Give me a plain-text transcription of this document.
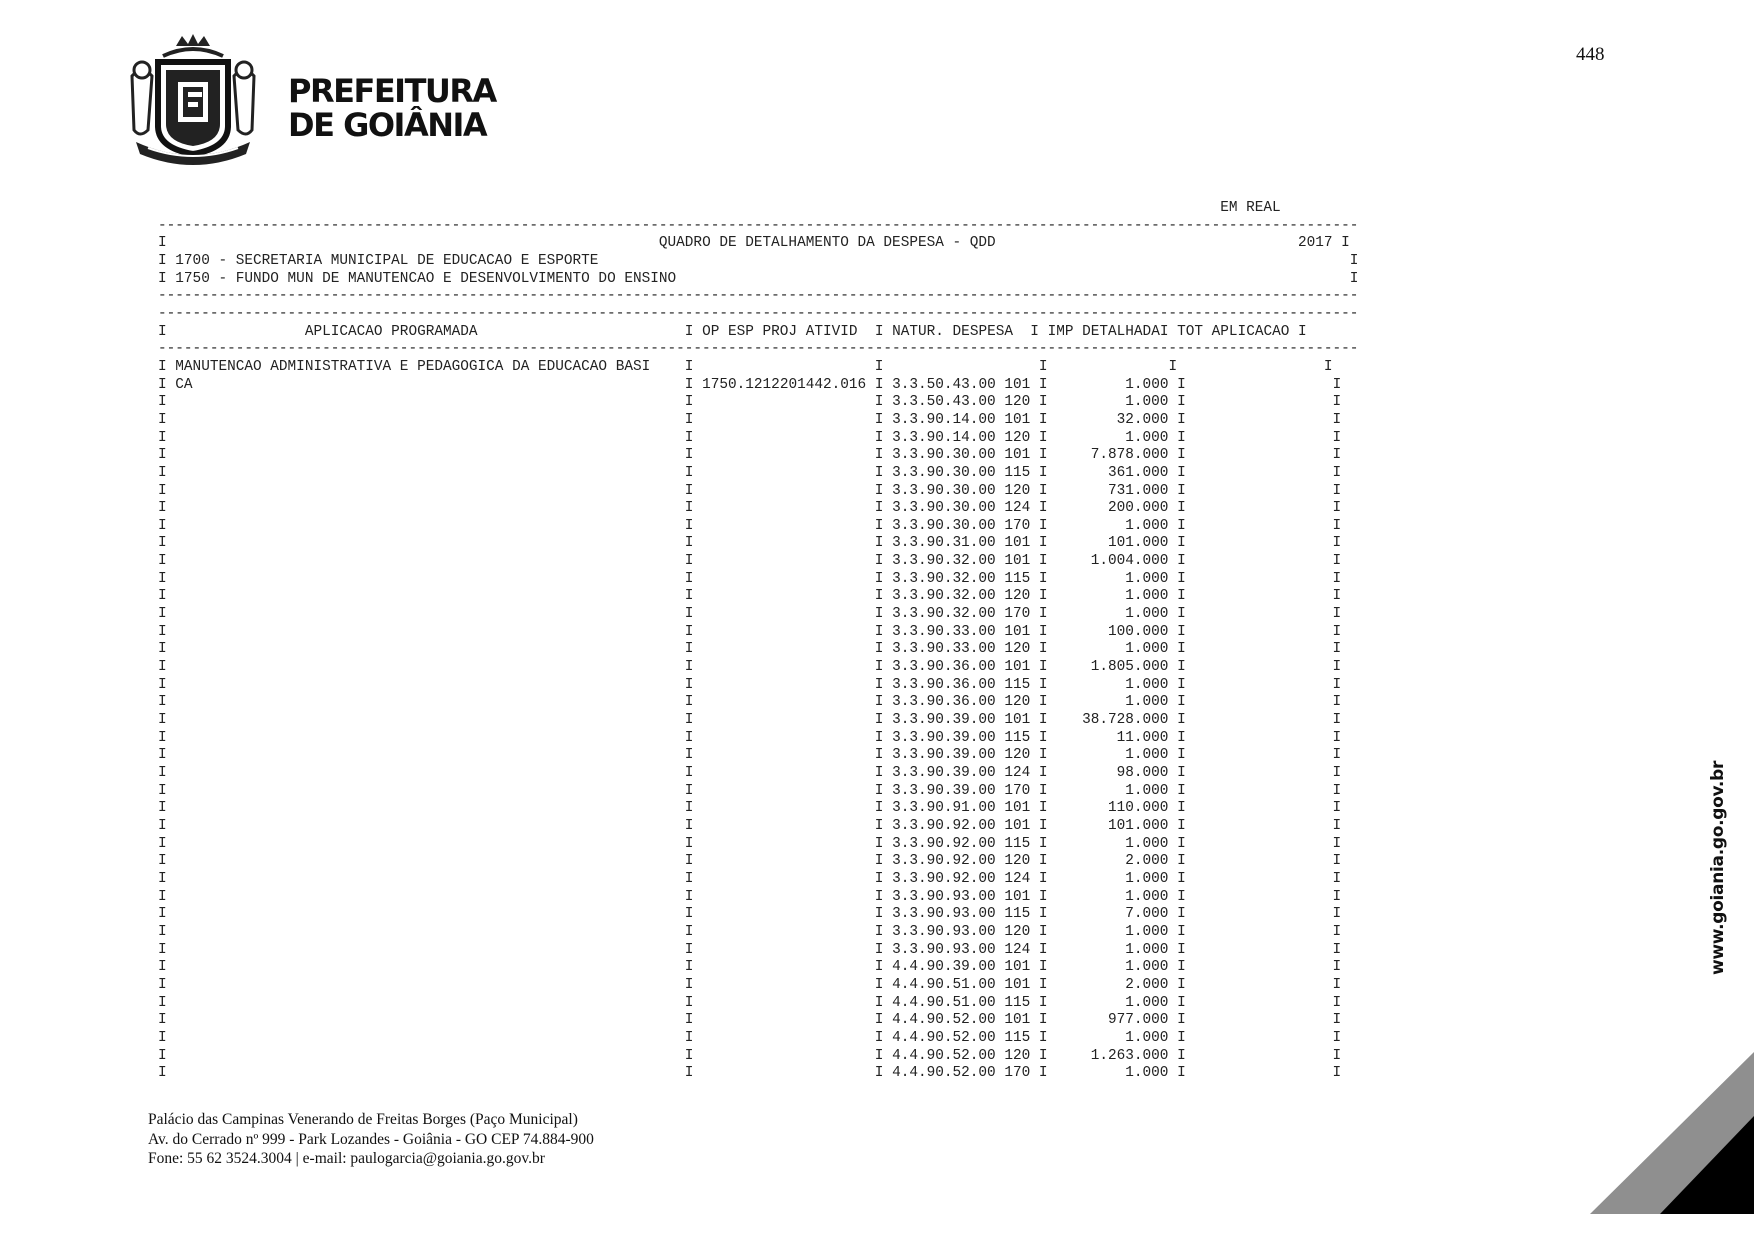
PREFEITURA
DE GOIÂNIA
448
EM REAL
-------------------------------------------------------------------------------------------------------------------------------------------
I                                                         QUADRO DE DETALHAMENTO DA DESPESA - QDD	2017 I
I 1700 - SECRETARIA MUNICIPAL DE EDUCACAO E ESPORTE                                                                                       I
I 1750 - FUNDO MUN DE MANUTENCAO E DESENVOLVIMENTO DO ENSINO                                                                              I
-------------------------------------------------------------------------------------------------------------------------------------------
-------------------------------------------------------------------------------------------------------------------------------------------
I                APLICACAO PROGRAMADA	I OP ESP PROJ ATIVID I NATUR. DESPESA I IMP DETALHADAI TOT APLICACAO I
-------------------------------------------------------------------------------------------------------------------------------------------
I MANUTENCAO ADMINISTRATIVA E PEDAGOGICA DA EDUCACAO BASI    I                     I                  I              I                 I
I CA                                                         I 1750.1212201442.016 I 3.3.50.43.00 101 I         1.000 I	I
I                                                            I                     I 3.3.50.43.00 120 I         1.000 I	I
I                                                            I                     I 3.3.90.14.00 101 I        32.000 I	I
I                                                            I                     I 3.3.90.14.00 120 I         1.000 I	I
I                                                            I                     I 3.3.90.30.00 101 I     7.878.000 I	I
I                                                            I                     I 3.3.90.30.00 115 I       361.000 I	I
I                                                            I                     I 3.3.90.30.00 120 I       731.000 I	I
I                                                            I                     I 3.3.90.30.00 124 I       200.000 I	I
I                                                            I                     I 3.3.90.30.00 170 I         1.000 I	I
I                                                            I                     I 3.3.90.31.00 101 I       101.000 I	I
I                                                            I                     I 3.3.90.32.00 101 I     1.004.000 I	I
I                                                            I                     I 3.3.90.32.00 115 I         1.000 I	I
I                                                            I                     I 3.3.90.32.00 120 I         1.000 I	I
I                                                            I                     I 3.3.90.32.00 170 I         1.000 I	I
I                                                            I                     I 3.3.90.33.00 101 I       100.000 I	I
I                                                            I                     I 3.3.90.33.00 120 I         1.000 I	I
I                                                            I                     I 3.3.90.36.00 101 I     1.805.000 I	I
I                                                            I                     I 3.3.90.36.00 115 I         1.000 I	I
I                                                            I                     I 3.3.90.36.00 120 I         1.000 I	I
I                                                            I                     I 3.3.90.39.00 101 I    38.728.000 I	I
I                                                            I                     I 3.3.90.39.00 115 I        11.000 I	I
I                                                            I                     I 3.3.90.39.00 120 I         1.000 I	I
I                                                            I                     I 3.3.90.39.00 124 I        98.000 I	I
I                                                            I                     I 3.3.90.39.00 170 I         1.000 I	I
I                                                            I                     I 3.3.90.91.00 101 I       110.000 I	I
I                                                            I                     I 3.3.90.92.00 101 I       101.000 I	I
I                                                            I                     I 3.3.90.92.00 115 I         1.000 I	I
I                                                            I                     I 3.3.90.92.00 120 I         2.000 I	I
I                                                            I                     I 3.3.90.92.00 124 I         1.000 I	I
I                                                            I                     I 3.3.90.93.00 101 I         1.000 I	I
I                                                            I                     I 3.3.90.93.00 115 I         7.000 I	I
I                                                            I                     I 3.3.90.93.00 120 I         1.000 I	I
I                                                            I                     I 3.3.90.93.00 124 I         1.000 I	I
I                                                            I                     I 4.4.90.39.00 101 I         1.000 I	I
I                                                            I                     I 4.4.90.51.00 101 I         2.000 I	I
I                                                            I                     I 4.4.90.51.00 115 I         1.000 I	I
I                                                            I                     I 4.4.90.52.00 101 I       977.000 I	I
I                                                            I                     I 4.4.90.52.00 115 I         1.000 I	I
I                                                            I                     I 4.4.90.52.00 120 I     1.263.000 I	I
I                                                            I                     I 4.4.90.52.00 170 I         1.000 I	I

Palácio das Campinas Venerando de Freitas Borges (Paço Municipal)
Av. do Cerrado nº 999 - Park Lozandes - Goiânia - GO CEP 74.884-900
Fone: 55 62 3524.3004 | e-mail: paulogarcia@goiania.go.gov.br
www.goiania.go.gov.br
